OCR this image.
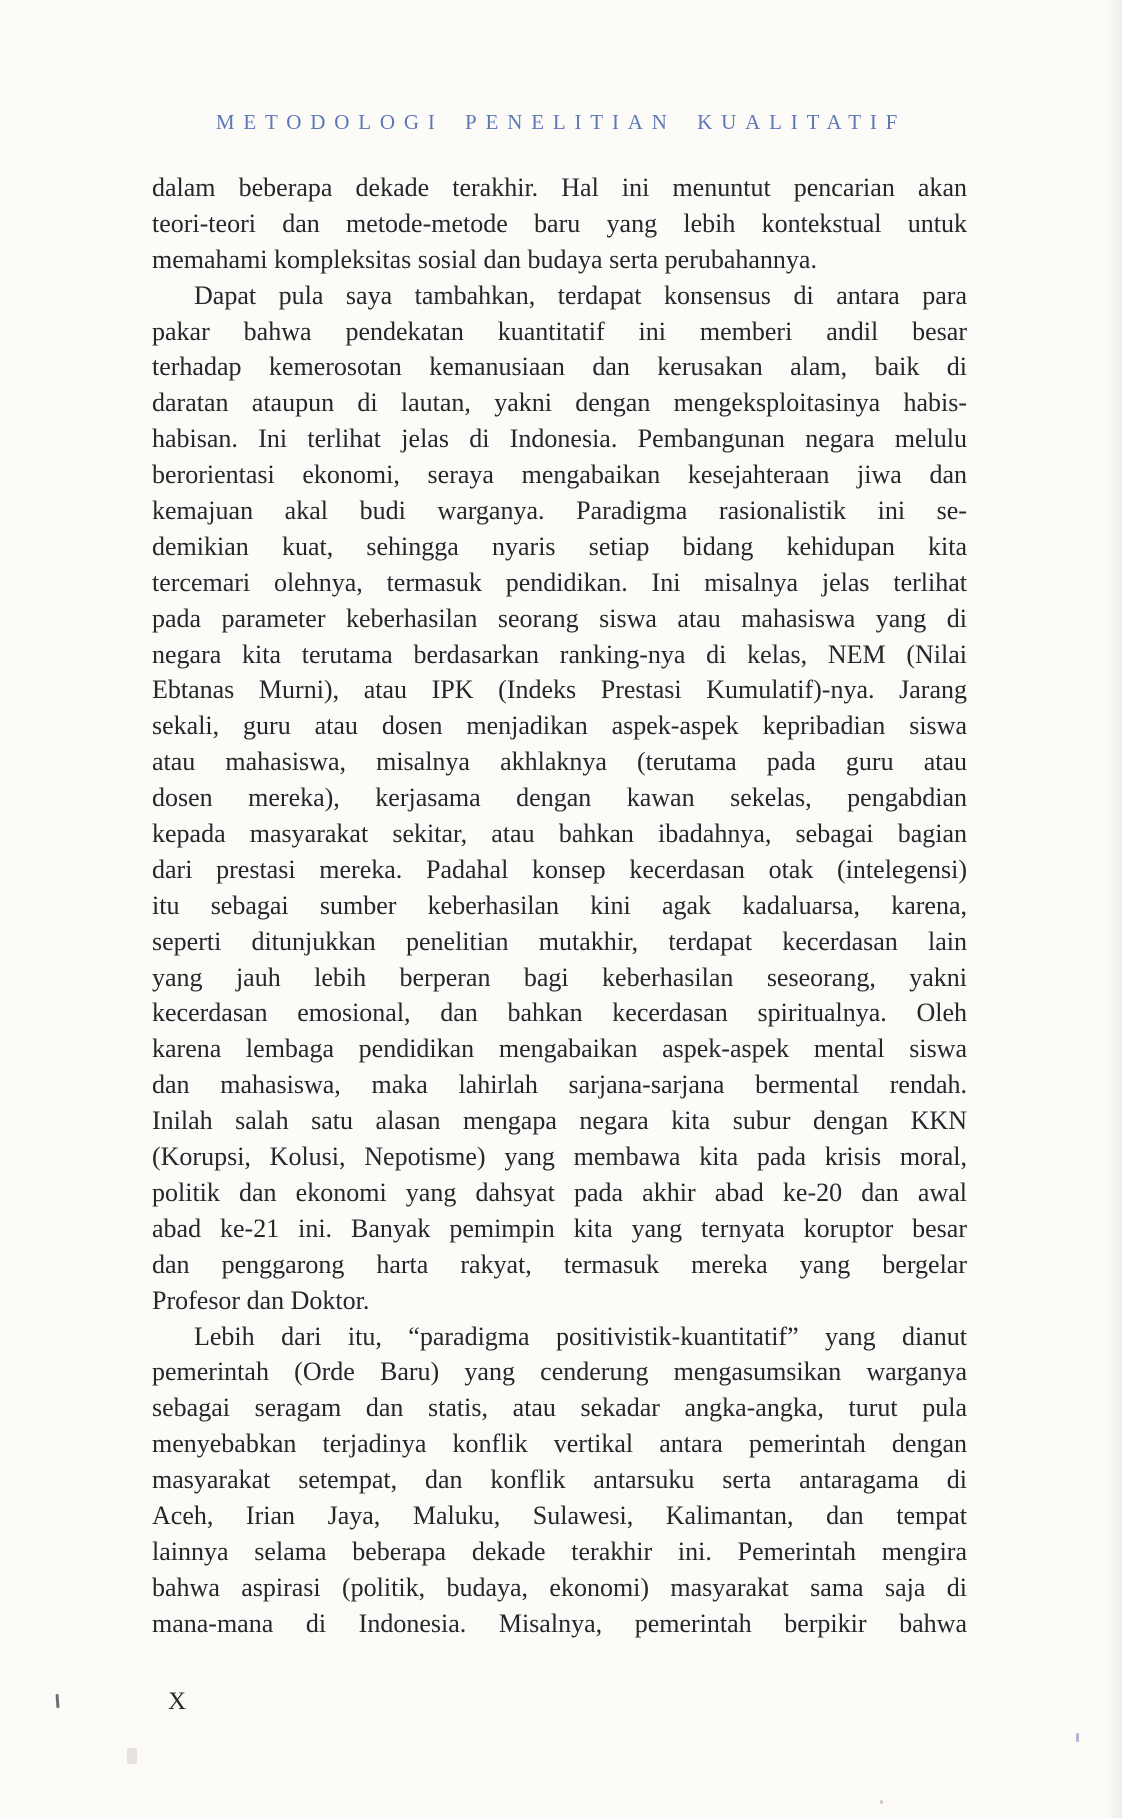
METODOLOGI PENELITIAN KUALITATIF
dalam beberapa dekade terakhir. Hal ini menuntut pencarian akan
teori-teori dan metode-metode baru yang lebih kontekstual untuk
memahami kompleksitas sosial dan budaya serta perubahannya.
Dapat pula saya tambahkan, terdapat konsensus di antara para
pakar bahwa pendekatan kuantitatif ini memberi andil besar
terhadap kemerosotan kemanusiaan dan kerusakan alam, baik di
daratan ataupun di lautan, yakni dengan mengeksploitasinya habis-
habisan. Ini terlihat jelas di Indonesia. Pembangunan negara melulu
berorientasi ekonomi, seraya mengabaikan kesejahteraan jiwa dan
kemajuan akal budi warganya. Paradigma rasionalistik ini se-
demikian kuat, sehingga nyaris setiap bidang kehidupan kita
tercemari olehnya, termasuk pendidikan. Ini misalnya jelas terlihat
pada parameter keberhasilan seorang siswa atau mahasiswa yang di
negara kita terutama berdasarkan ranking-nya di kelas, NEM (Nilai
Ebtanas Murni), atau IPK (Indeks Prestasi Kumulatif)-nya. Jarang
sekali, guru atau dosen menjadikan aspek-aspek kepribadian siswa
atau mahasiswa, misalnya akhlaknya (terutama pada guru atau
dosen mereka), kerjasama dengan kawan sekelas, pengabdian
kepada masyarakat sekitar, atau bahkan ibadahnya, sebagai bagian
dari prestasi mereka. Padahal konsep kecerdasan otak (intelegensi)
itu sebagai sumber keberhasilan kini agak kadaluarsa, karena,
seperti ditunjukkan penelitian mutakhir, terdapat kecerdasan lain
yang jauh lebih berperan bagi keberhasilan seseorang, yakni
kecerdasan emosional, dan bahkan kecerdasan spiritualnya. Oleh
karena lembaga pendidikan mengabaikan aspek-aspek mental siswa
dan mahasiswa, maka lahirlah sarjana-sarjana bermental rendah.
Inilah salah satu alasan mengapa negara kita subur dengan KKN
(Korupsi, Kolusi, Nepotisme) yang membawa kita pada krisis moral,
politik dan ekonomi yang dahsyat pada akhir abad ke-20 dan awal
abad ke-21 ini. Banyak pemimpin kita yang ternyata koruptor besar
dan penggarong harta rakyat, termasuk mereka yang bergelar
Profesor dan Doktor.
Lebih dari itu, “paradigma positivistik-kuantitatif” yang dianut
pemerintah (Orde Baru) yang cenderung mengasumsikan warganya
sebagai seragam dan statis, atau sekadar angka-angka, turut pula
menyebabkan terjadinya konflik vertikal antara pemerintah dengan
masyarakat setempat, dan konflik antarsuku serta antaragama di
Aceh, Irian Jaya, Maluku, Sulawesi, Kalimantan, dan tempat
lainnya selama beberapa dekade terakhir ini. Pemerintah mengira
bahwa aspirasi (politik, budaya, ekonomi) masyarakat sama saja di
mana-mana di Indonesia. Misalnya, pemerintah berpikir bahwa
X
